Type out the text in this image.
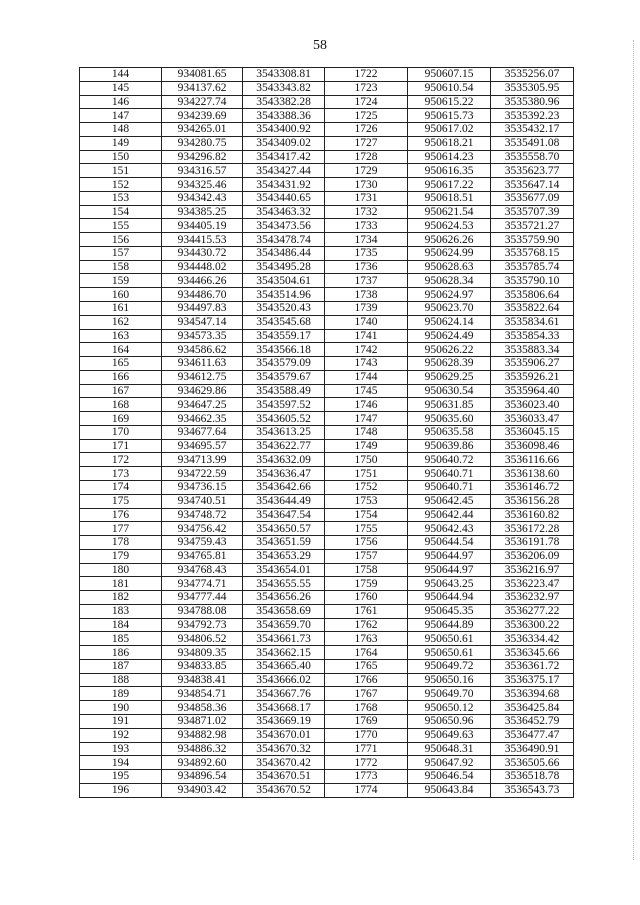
58
144	934081.65	3543308.81	1722	950607.15	3535256.07
145	934137.62	3543343.82	1723	950610.54	3535305.95
146	934227.74	3543382.28	1724	950615.22	3535380.96
147	934239.69	3543388.36	1725	950615.73	3535392.23
148	934265.01	3543400.92	1726	950617.02	3535432.17
149	934280.75	3543409.02	1727	950618.21	3535491.08
150	934296.82	3543417.42	1728	950614.23	3535558.70
151	934316.57	3543427.44	1729	950616.35	3535623.77
152	934325.46	3543431.92	1730	950617.22	3535647.14
153	934342.43	3543440.65	1731	950618.51	3535677.09
154	934385.25	3543463.32	1732	950621.54	3535707.39
155	934405.19	3543473.56	1733	950624.53	3535721.27
156	934415.53	3543478.74	1734	950626.26	3535759.90
157	934430.72	3543486.44	1735	950624.99	3535768.15
158	934448.02	3543495.28	1736	950628.63	3535785.74
159	934466.26	3543504.61	1737	950628.34	3535790.10
160	934486.70	3543514.96	1738	950624.97	3535806.64
161	934497.83	3543520.43	1739	950623.70	3535822.64
162	934547.14	3543545.68	1740	950624.14	3535834.61
163	934573.35	3543559.17	1741	950624.49	3535854.33
164	934586.62	3543566.18	1742	950626.22	3535883.34
165	934611.63	3543579.09	1743	950628.39	3535906.27
166	934612.75	3543579.67	1744	950629.25	3535926.21
167	934629.86	3543588.49	1745	950630.54	3535964.40
168	934647.25	3543597.52	1746	950631.85	3536023.40
169	934662.35	3543605.52	1747	950635.60	3536033.47
170	934677.64	3543613.25	1748	950635.58	3536045.15
171	934695.57	3543622.77	1749	950639.86	3536098.46
172	934713.99	3543632.09	1750	950640.72	3536116.66
173	934722.59	3543636.47	1751	950640.71	3536138.60
174	934736.15	3543642.66	1752	950640.71	3536146.72
175	934740.51	3543644.49	1753	950642.45	3536156.28
176	934748.72	3543647.54	1754	950642.44	3536160.82
177	934756.42	3543650.57	1755	950642.43	3536172.28
178	934759.43	3543651.59	1756	950644.54	3536191.78
179	934765.81	3543653.29	1757	950644.97	3536206.09
180	934768.43	3543654.01	1758	950644.97	3536216.97
181	934774.71	3543655.55	1759	950643.25	3536223.47
182	934777.44	3543656.26	1760	950644.94	3536232.97
183	934788.08	3543658.69	1761	950645.35	3536277.22
184	934792.73	3543659.70	1762	950644.89	3536300.22
185	934806.52	3543661.73	1763	950650.61	3536334.42
186	934809.35	3543662.15	1764	950650.61	3536345.66
187	934833.85	3543665.40	1765	950649.72	3536361.72
188	934838.41	3543666.02	1766	950650.16	3536375.17
189	934854.71	3543667.76	1767	950649.70	3536394.68
190	934858.36	3543668.17	1768	950650.12	3536425.84
191	934871.02	3543669.19	1769	950650.96	3536452.79
192	934882.98	3543670.01	1770	950649.63	3536477.47
193	934886.32	3543670.32	1771	950648.31	3536490.91
194	934892.60	3543670.42	1772	950647.92	3536505.66
195	934896.54	3543670.51	1773	950646.54	3536518.78
196	934903.42	3543670.52	1774	950643.84	3536543.73
